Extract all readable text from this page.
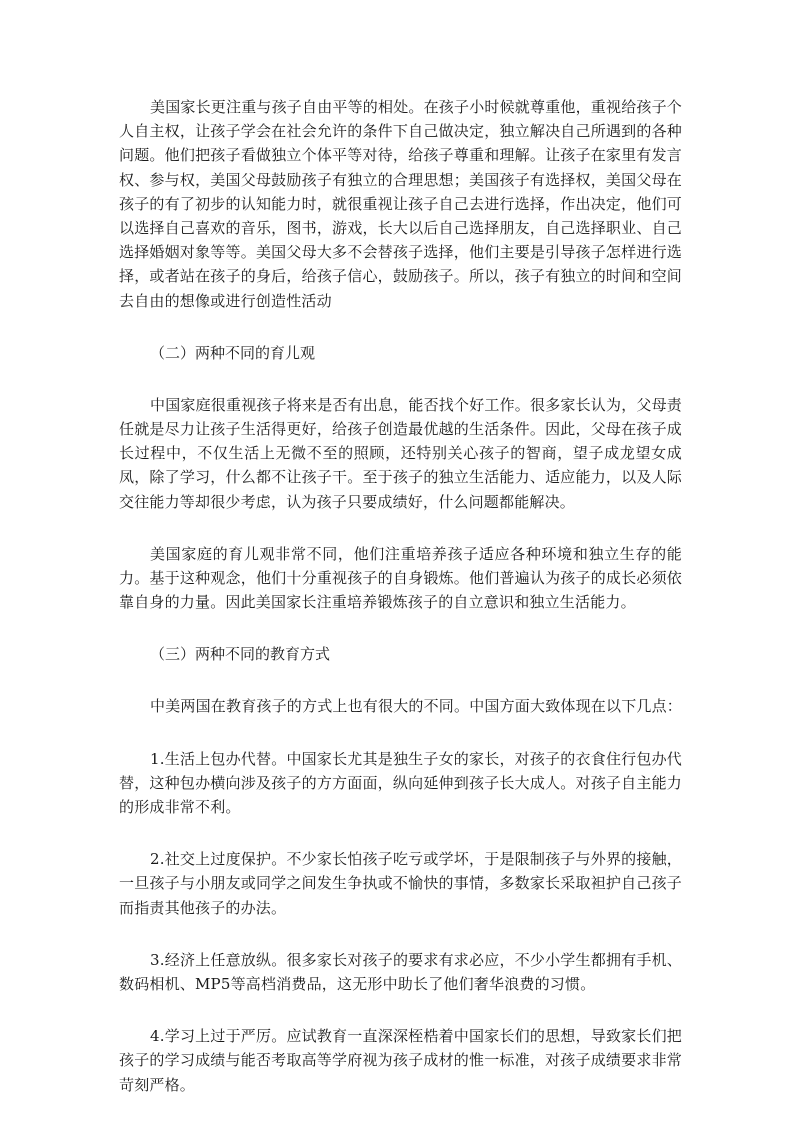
美国家长更注重与孩子自由平等的相处。在孩子小时候就尊重他，重视给孩子个人自主权，让孩子学会在社会允许的条件下自己做决定，独立解决自己所遇到的各种问题。他们把孩子看做独立个体平等对待，给孩子尊重和理解。让孩子在家里有发言权、参与权，美国父母鼓励孩子有独立的合理思想；美国孩子有选择权，美国父母在孩子的有了初步的认知能力时，就很重视让孩子自己去进行选择，作出决定，他们可以选择自己喜欢的音乐，图书，游戏，长大以后自己选择朋友，自己选择职业、自己选择婚姻对象等等。美国父母大多不会替孩子选择，他们主要是引导孩子怎样进行选择，或者站在孩子的身后，给孩子信心，鼓励孩子。所以，孩子有独立的时间和空间去自由的想像或进行创造性活动

（二）两种不同的育儿观

中国家庭很重视孩子将来是否有出息，能否找个好工作。很多家长认为，父母责任就是尽力让孩子生活得更好，给孩子创造最优越的生活条件。因此，父母在孩子成长过程中，不仅生活上无微不至的照顾，还特别关心孩子的智商，望子成龙望女成凤，除了学习，什么都不让孩子干。至于孩子的独立生活能力、适应能力，以及人际交往能力等却很少考虑，认为孩子只要成绩好，什么问题都能解决。

美国家庭的育儿观非常不同，他们注重培养孩子适应各种环境和独立生存的能力。基于这种观念，他们十分重视孩子的自身锻炼。他们普遍认为孩子的成长必须依靠自身的力量。因此美国家长注重培养锻炼孩子的自立意识和独立生活能力。

（三）两种不同的教育方式

中美两国在教育孩子的方式上也有很大的不同。中国方面大致体现在以下几点：

1.生活上包办代替。中国家长尤其是独生子女的家长，对孩子的衣食住行包办代替，这种包办横向涉及孩子的方方面面，纵向延伸到孩子长大成人。对孩子自主能力的形成非常不利。

2.社交上过度保护。不少家长怕孩子吃亏或学坏，于是限制孩子与外界的接触，一旦孩子与小朋友或同学之间发生争执或不愉快的事情，多数家长采取袒护自己孩子而指责其他孩子的办法。

3.经济上任意放纵。很多家长对孩子的要求有求必应，不少小学生都拥有手机、数码相机、MP5等高档消费品，这无形中助长了他们奢华浪费的习惯。

4.学习上过于严厉。应试教育一直深深桎梏着中国家长们的思想，导致家长们把孩子的学习成绩与能否考取高等学府视为孩子成材的惟一标准，对孩子成绩要求非常苛刻严格。
